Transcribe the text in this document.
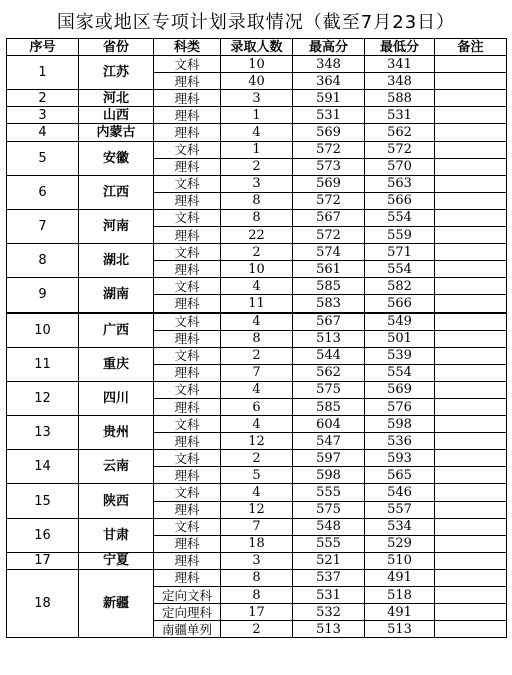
国家或地区专项计划录取情况（截至7月23日）
序号	省份	科类	录取人数	最高分	最低分	备注
1	江苏	文科	10	348	341	
		理科	40	364	348	
2	河北	理科	3	591	588	
3	山西	理科	1	531	531	
4	内蒙古	理科	4	569	562	
5	安徽	文科	1	572	572	
		理科	2	573	570	
6	江西	文科	3	569	563	
		理科	8	572	566	
7	河南	文科	8	567	554	
		理科	22	572	559	
8	湖北	文科	2	574	571	
		理科	10	561	554	
9	湖南	文科	4	585	582	
		理科	11	583	566	
10	广西	文科	4	567	549	
		理科	8	513	501	
11	重庆	文科	2	544	539	
		理科	7	562	554	
12	四川	文科	4	575	569	
		理科	6	585	576	
13	贵州	文科	4	604	598	
		理科	12	547	536	
14	云南	文科	2	597	593	
		理科	5	598	565	
15	陕西	文科	4	555	546	
		理科	12	575	557	
16	甘肃	文科	7	548	534	
		理科	18	555	529	
17	宁夏	理科	3	521	510	
18	新疆	理科	8	537	491	
		定向文科	8	531	518	
		定向理科	17	532	491	
		南疆单列	2	513	513	
